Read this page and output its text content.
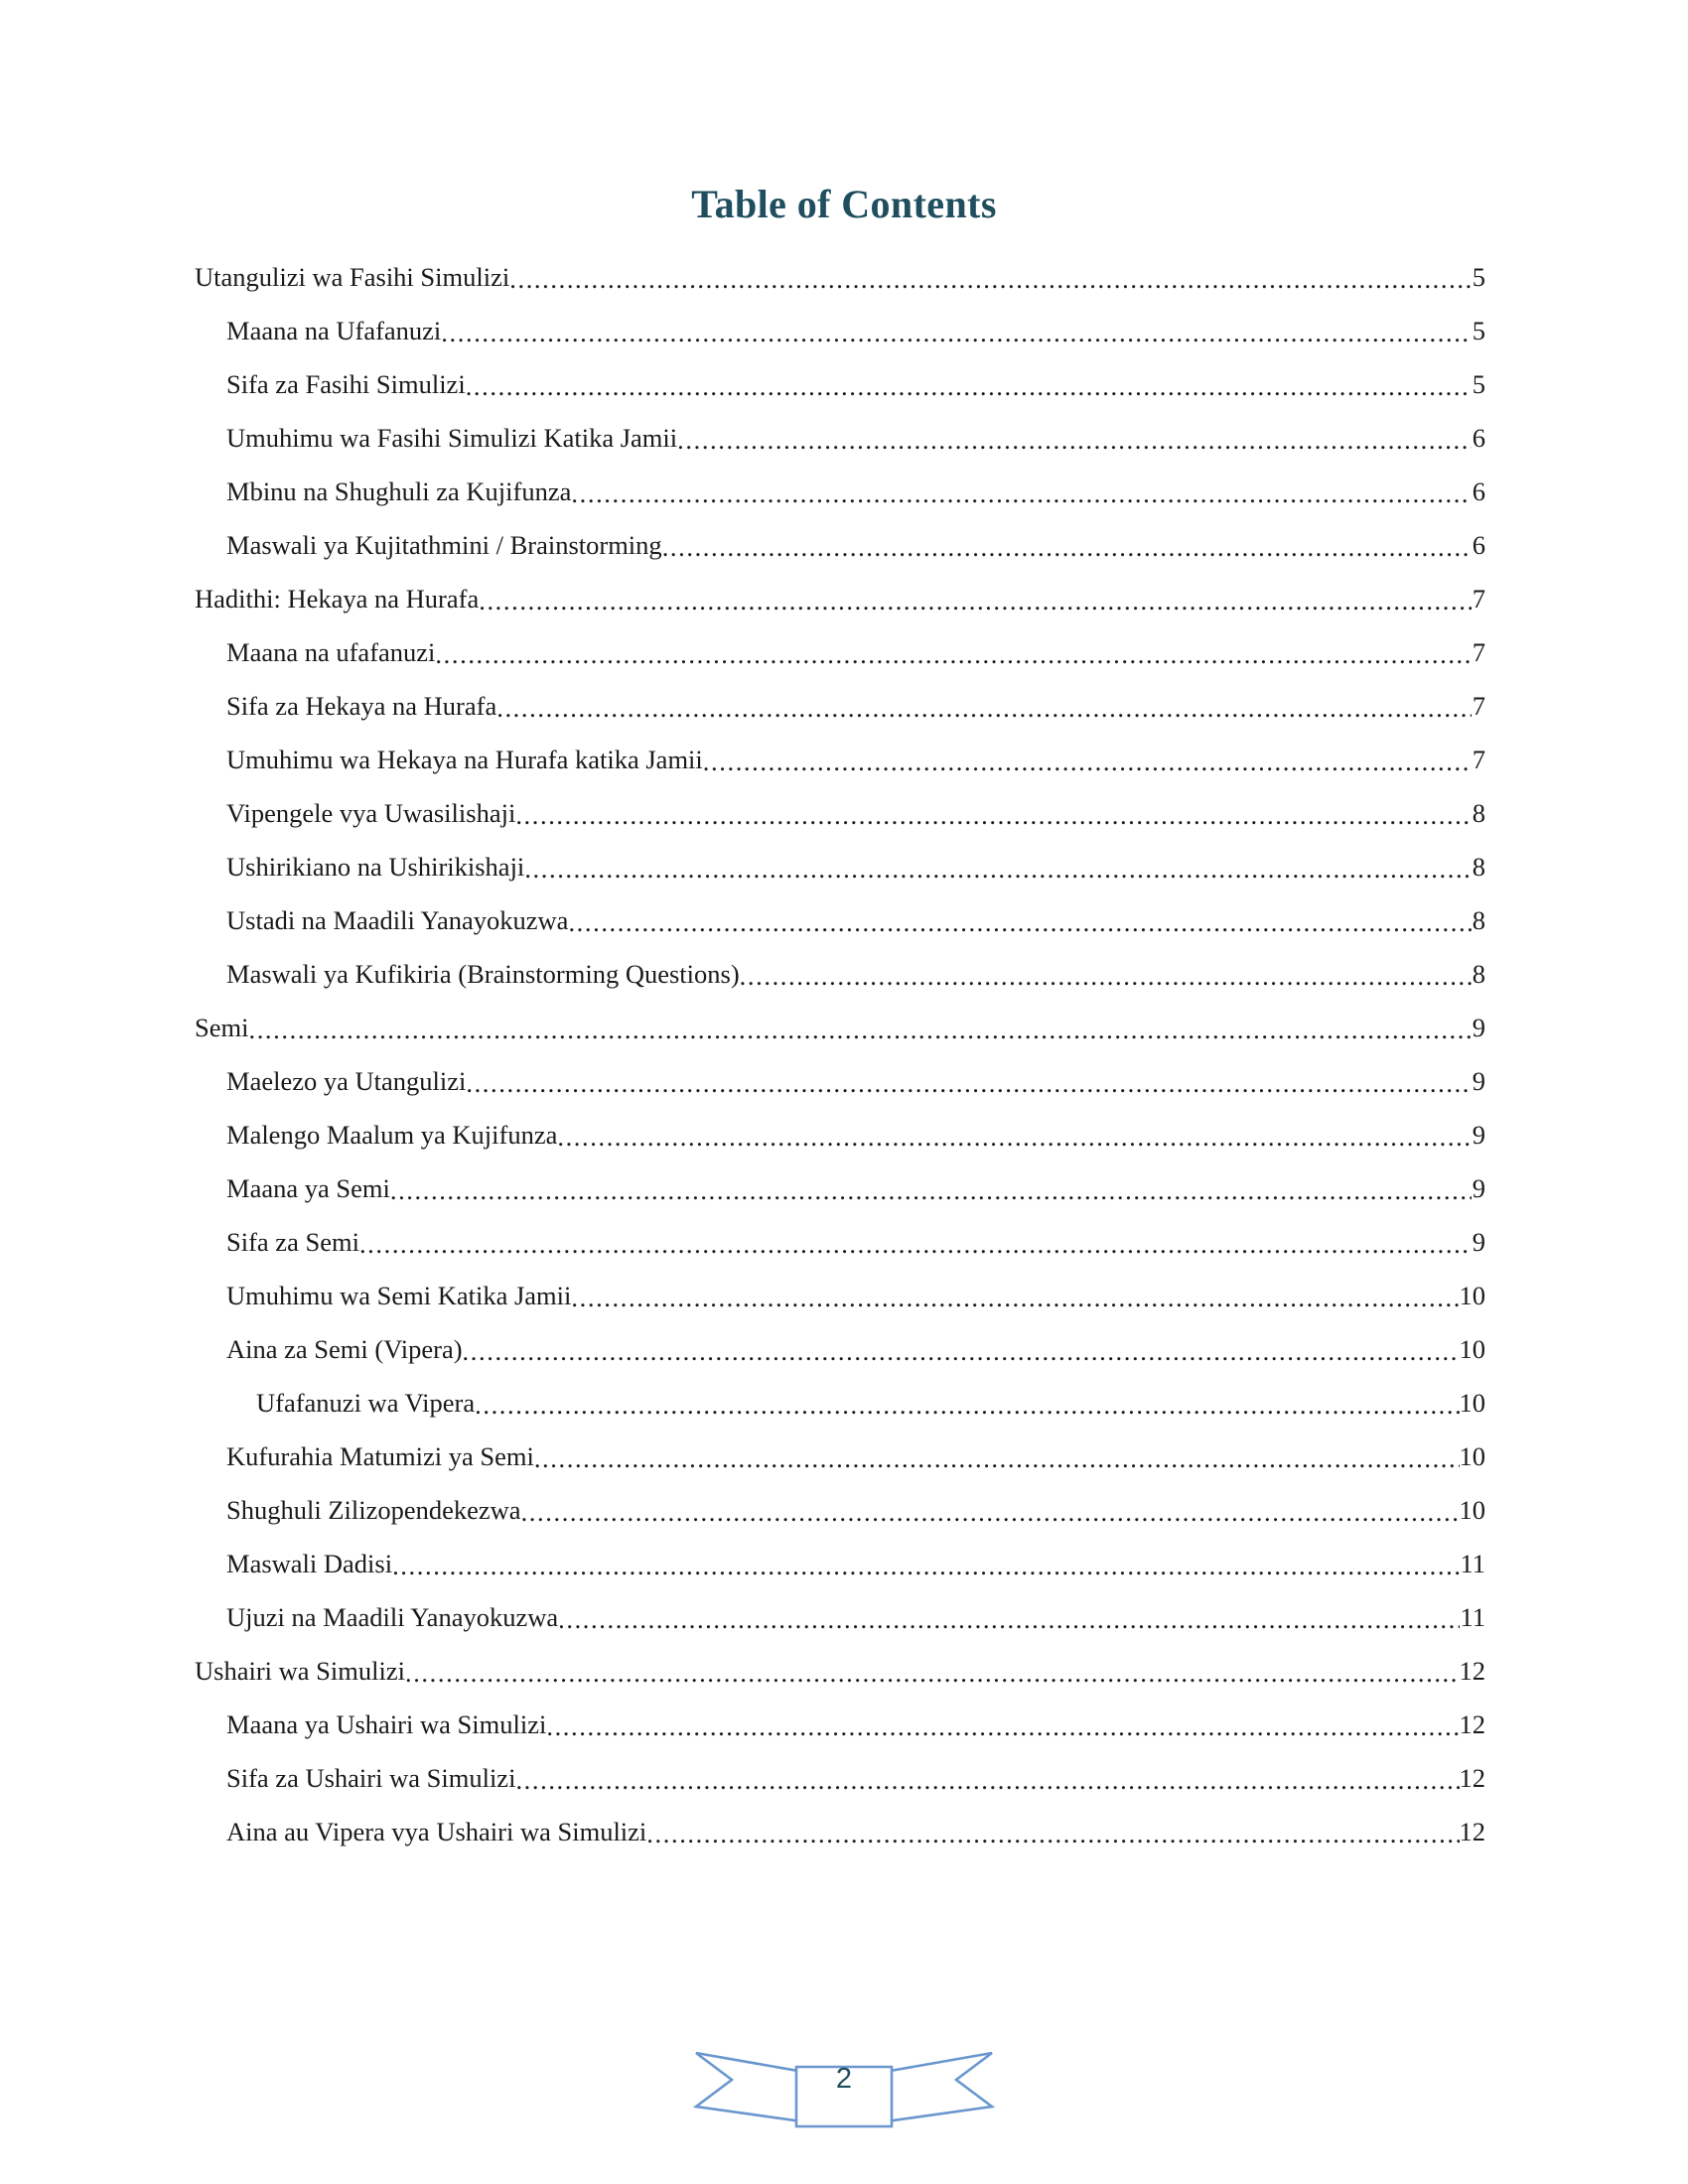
Table of Contents
Utangulizi wa Fasihi Simulizi .....	5
Maana na Ufafanuzi .....	5
Sifa za Fasihi Simulizi .....	5
Umuhimu wa Fasihi Simulizi Katika Jamii .....	6
Mbinu na Shughuli za Kujifunza .....	6
Maswali ya Kujitathmini / Brainstorming .....	6
Hadithi: Hekaya na Hurafa .....	7
Maana na ufafanuzi .....	7
Sifa za Hekaya na Hurafa .....	7
Umuhimu wa Hekaya na Hurafa katika Jamii .....	7
Vipengele vya Uwasilishaji .....	8
Ushirikiano na Ushirikishaji .....	8
Ustadi na Maadili Yanayokuzwa .....	8
Maswali ya Kufikiria (Brainstorming Questions) .....	8
Semi .....	9
Maelezo ya Utangulizi .....	9
Malengo Maalum ya Kujifunza .....	9
Maana ya Semi .....	9
Sifa za Semi .....	9
Umuhimu wa Semi Katika Jamii .....	10
Aina za Semi (Vipera) .....	10
Ufafanuzi wa Vipera .....	10
Kufurahia Matumizi ya Semi .....	10
Shughuli Zilizopendekezwa .....	10
Maswali Dadisi .....	11
Ujuzi na Maadili Yanayokuzwa .....	11
Ushairi wa Simulizi .....	12
Maana ya Ushairi wa Simulizi .....	12
Sifa za Ushairi wa Simulizi .....	12
Aina au Vipera vya Ushairi wa Simulizi .....	12
2
